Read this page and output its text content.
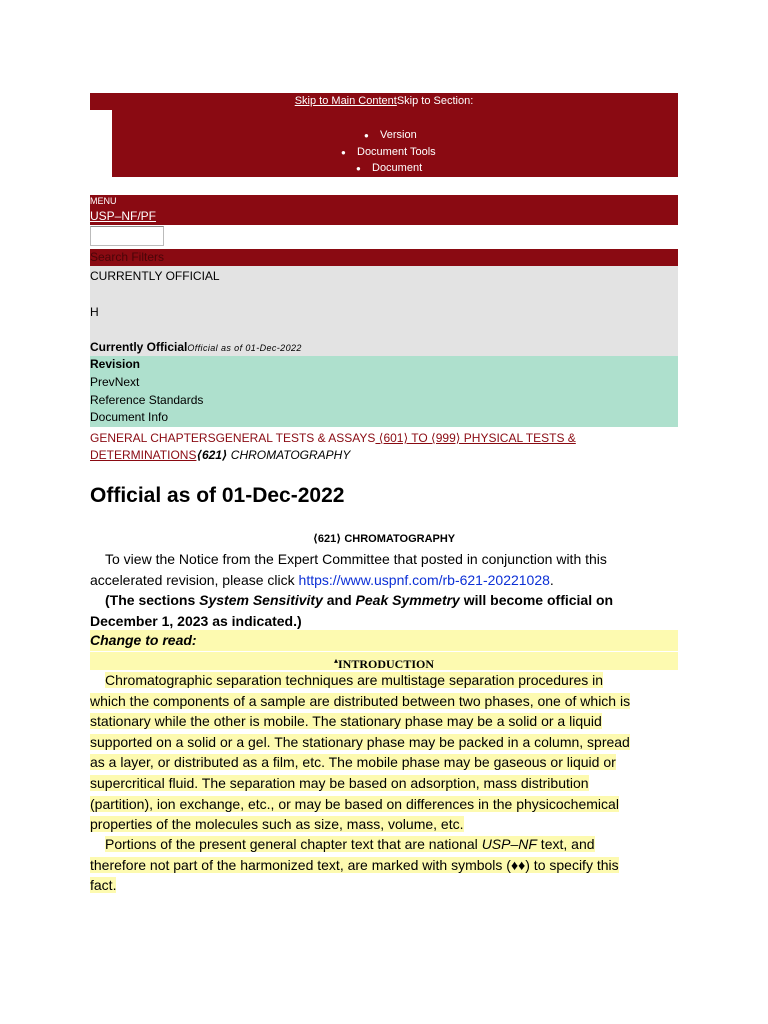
Skip to Main ContentSkip to Section:
● Version
● Document Tools
● Document
MENU
USP–NF/PF
Search Filters
CURRENTLY OFFICIAL
H
Currently OfficialOfficial as of 01-Dec-2022
Revision
PrevNext
Reference Standards
Document Info
GENERAL CHAPTERSGENERAL TESTS & ASSAYS ⟨601⟩ TO ⟨999⟩ PHYSICAL TESTS &
DETERMINATIONS⟨621⟩ CHROMATOGRAPHY
Official as of 01-Dec-2022
⟨621⟩ CHROMATOGRAPHY
To view the Notice from the Expert Committee that posted in conjunction with this
accelerated revision, please click https://www.uspnf.com/rb-621-20221028.
(The sections System Sensitivity and Peak Symmetry will become official on
December 1, 2023 as indicated.)
Change to read:
▴INTRODUCTION
Chromatographic separation techniques are multistage separation procedures in
which the components of a sample are distributed between two phases, one of which is
stationary while the other is mobile. The stationary phase may be a solid or a liquid
supported on a solid or a gel. The stationary phase may be packed in a column, spread
as a layer, or distributed as a film, etc. The mobile phase may be gaseous or liquid or
supercritical fluid. The separation may be based on adsorption, mass distribution
(partition), ion exchange, etc., or may be based on differences in the physicochemical
properties of the molecules such as size, mass, volume, etc.
Portions of the present general chapter text that are national USP–NF text, and
therefore not part of the harmonized text, are marked with symbols (♦♦) to specify this
fact.
